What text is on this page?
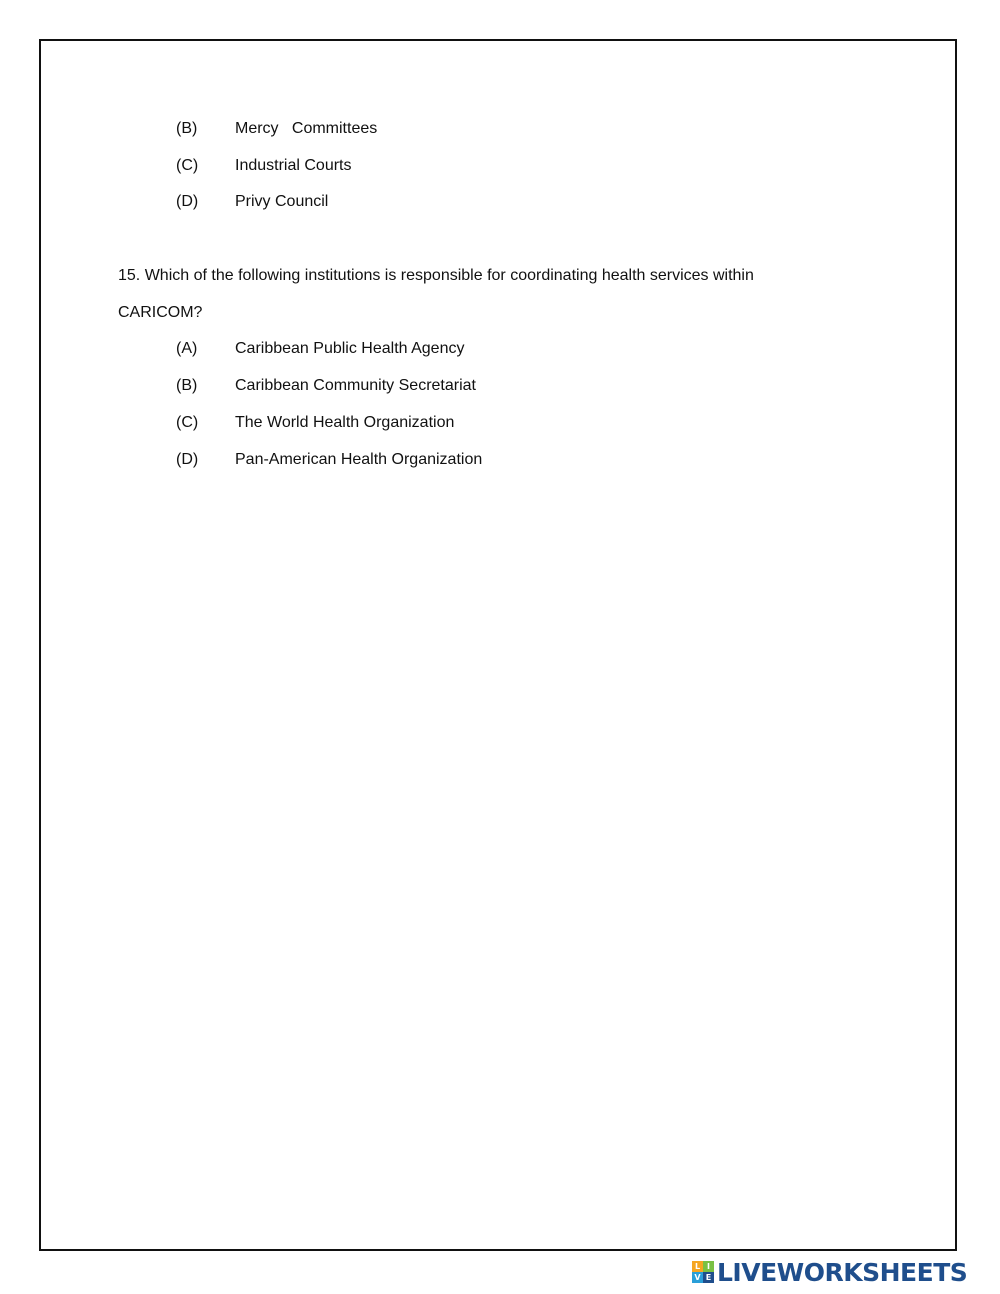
(B) Mercy   Committees
(C) Industrial Courts
(D) Privy Council
15. Which of the following institutions is responsible for coordinating health services within
CARICOM?
(A) Caribbean Public Health Agency
(B) Caribbean Community Secretariat
(C) The World Health Organization
(D) Pan-American Health Organization
L I
V E LIVEWORKSHEETS
